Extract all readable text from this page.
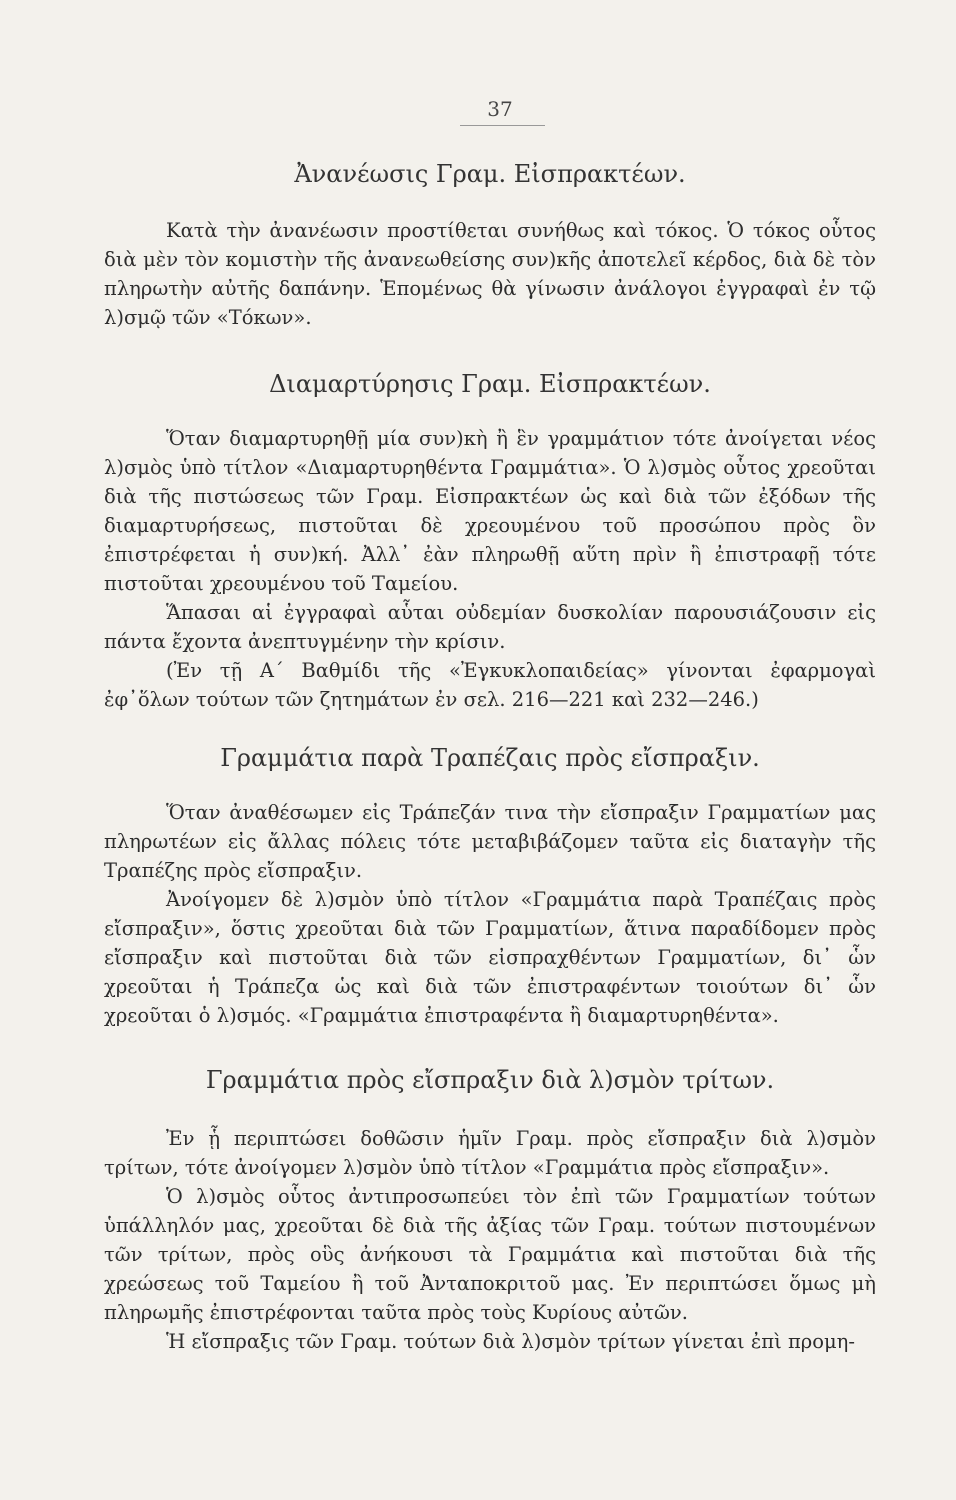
37
Ἀνανέωσις Γραμ. Εἰσπρακτέων.

Κατὰ τὴν ἀνανέωσιν προστίθεται συνήθως καὶ τόκος. Ὁ τόκος οὗτος διὰ μὲν τὸν κομιστὴν τῆς ἀνανεωθείσης συν)κῆς ἀποτελεῖ κέρδος, διὰ δὲ τὸν πληρωτὴν αὐτῆς δαπάνην. Ἑπομένως θὰ γίνωσιν ἀνάλογοι ἐγγραφαὶ ἐν τῷ λ)σμῷ τῶν «Τόκων».

Διαμαρτύρησις Γραμ. Εἰσπρακτέων.

Ὅταν διαμαρτυρηθῇ μία συν)κὴ ἢ ἓν γραμμάτιον τότε ἀνοίγεται νέος λ)σμὸς ὑπὸ τίτλον «Διαμαρτυρηθέντα Γραμμάτια». Ὁ λ)σμὸς οὗτος χρεοῦται διὰ τῆς πιστώσεως τῶν Γραμ. Εἰσπρακτέων ὡς καὶ διὰ τῶν ἐξόδων τῆς διαμαρτυρήσεως, πιστοῦται δὲ χρεουμένου τοῦ προσώπου πρὸς ὃν ἐπιστρέφεται ἡ συν)κή. Ἀλλ᾽ ἐὰν πληρωθῇ αὕτη πρὶν ἢ ἐπιστραφῇ τότε πιστοῦται χρεουμένου τοῦ Ταμείου.

Ἅπασαι αἱ ἐγγραφαὶ αὗται οὐδεμίαν δυσκολίαν παρουσιάζουσιν εἰς πάντα ἔχοντα ἀνεπτυγμένην τὴν κρίσιν.

(Ἐν τῇ Α´ Βαθμίδι τῆς «Ἐγκυκλοπαιδείας» γίνονται ἐφαρμογαὶ ἐφ᾽ὅλων τούτων τῶν ζητημάτων ἐν σελ. 216—221 καὶ 232—246.)

Γραμμάτια παρὰ Τραπέζαις πρὸς εἴσπραξιν.

Ὅταν ἀναθέσωμεν εἰς Τράπεζάν τινα τὴν εἴσπραξιν Γραμματίων μας πληρωτέων εἰς ἄλλας πόλεις τότε μεταβιβάζομεν ταῦτα εἰς διαταγὴν τῆς Τραπέζης πρὸς εἴσπραξιν.

Ἀνοίγομεν δὲ λ)σμὸν ὑπὸ τίτλον «Γραμμάτια παρὰ Τραπέζαις πρὸς εἴσπραξιν», ὅστις χρεοῦται διὰ τῶν Γραμματίων, ἅτινα παραδίδομεν πρὸς εἴσπραξιν καὶ πιστοῦται διὰ τῶν εἰσπραχθέντων Γραμματίων, δι᾽ ὧν χρεοῦται ἡ Τράπεζα ὡς καὶ διὰ τῶν ἐπιστραφέντων τοιούτων δι᾽ ὧν χρεοῦται ὁ λ)σμός. «Γραμμάτια ἐπιστραφέντα ἢ διαμαρτυρηθέντα».

Γραμμάτια πρὸς εἴσπραξιν διὰ λ)σμὸν τρίτων.

Ἐν ᾗ περιπτώσει δοθῶσιν ἡμῖν Γραμ. πρὸς εἴσπραξιν διὰ λ)σμὸν τρίτων, τότε ἀνοίγομεν λ)σμὸν ὑπὸ τίτλον «Γραμμάτια πρὸς εἴσπραξιν».

Ὁ λ)σμὸς οὗτος ἀντιπροσωπεύει τὸν ἐπὶ τῶν Γραμματίων τούτων ὑπάλληλόν μας, χρεοῦται δὲ διὰ τῆς ἀξίας τῶν Γραμ. τούτων πιστουμένων τῶν τρίτων, πρὸς οὓς ἀνήκουσι τὰ Γραμμάτια καὶ πιστοῦται διὰ τῆς χρεώσεως τοῦ Ταμείου ἢ τοῦ Ἀνταποκριτοῦ μας. Ἐν περιπτώσει ὅμως μὴ πληρωμῆς ἐπιστρέφονται ταῦτα πρὸς τοὺς Κυρίους αὐτῶν.

Ἡ εἴσπραξις τῶν Γραμ. τούτων διὰ λ)σμὸν τρίτων γίνεται ἐπὶ προμη-
